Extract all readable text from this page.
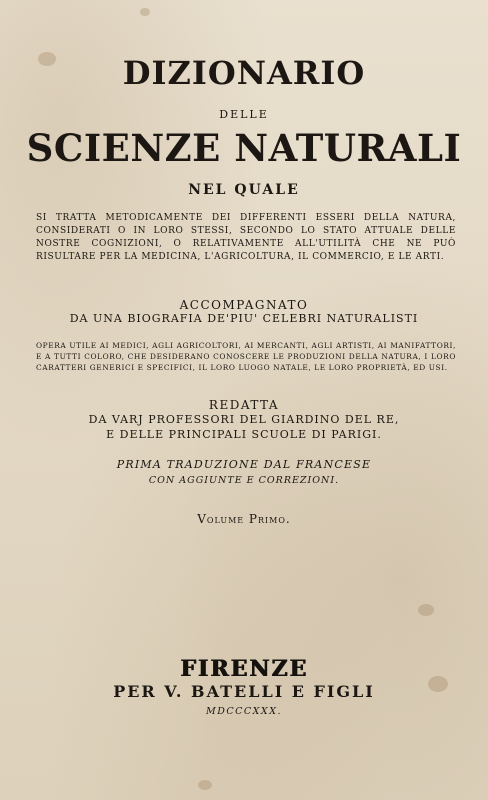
DIZIONARIO
DELLE
SCIENZE NATURALI
NEL QUALE
SI TRATTA METODICAMENTE DEI DIFFERENTI ESSERI DELLA NATURA, CONSIDERATI O IN LORO STESSI, SECONDO LO STATO ATTUALE DELLE NOSTRE COGNIZIONI, O RELATIVAMENTE ALL'UTILITÀ CHE NE PUÒ RISULTARE PER LA MEDICINA, L'AGRICOLTURA, IL COMMERCIO, E LE ARTI.
ACCOMPAGNATO
DA UNA BIOGRAFIA DE'PIU' CELEBRI NATURALISTI
OPERA UTILE AI MEDICI, AGLI AGRICOLTORI, AI MERCANTI, AGLI ARTISTI, AI MANIFATTORI, E A TUTTI COLORO, CHE DESIDERANO CONOSCERE LE PRODUZIONI DELLA NATURA, I LORO CARATTERI GENERICI E SPECIFICI, IL LORO LUOGO NATALE, LE LORO PROPRIETÀ, ED USI.
REDATTA
DA VARJ PROFESSORI DEL GIARDINO DEL RE,
E DELLE PRINCIPALI SCUOLE DI PARIGI.
PRIMA TRADUZIONE DAL FRANCESE
CON AGGIUNTE E CORREZIONI.
Volume Primo.
FIRENZE
PER V. BATELLI E FIGLI
MDCCCXXX.
